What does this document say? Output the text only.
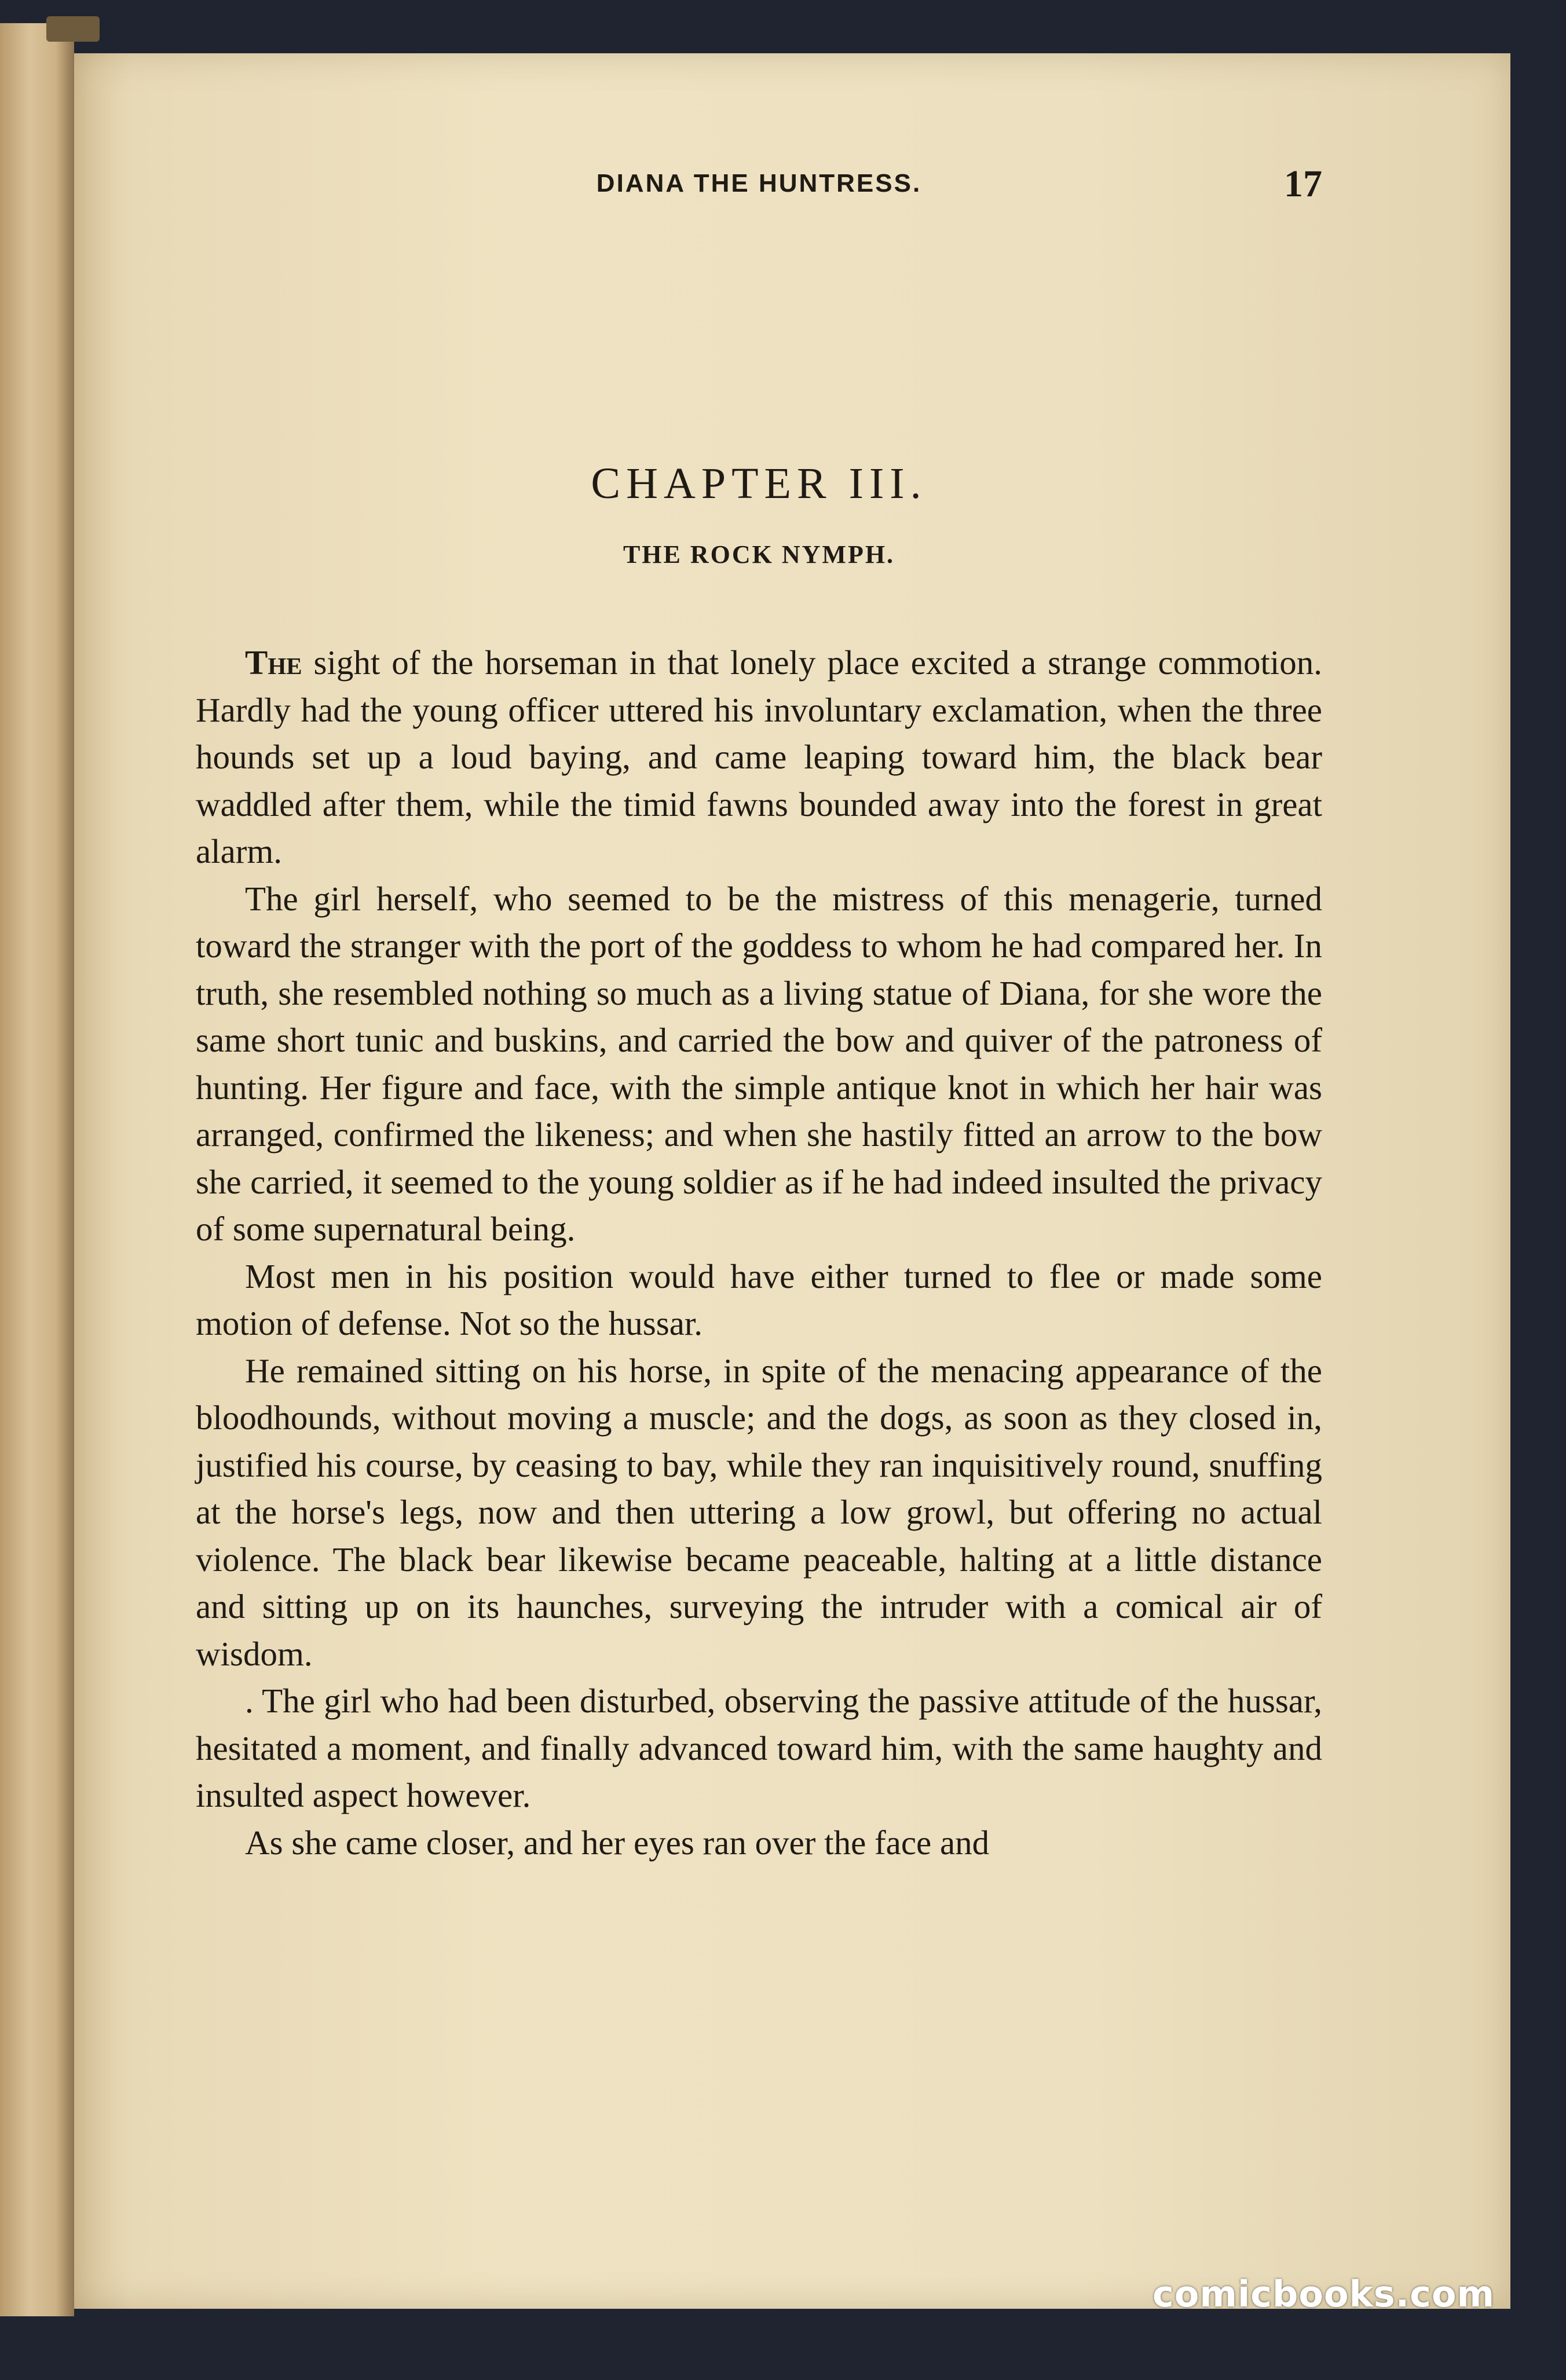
DIANA THE HUNTRESS.	17
CHAPTER III.
THE ROCK NYMPH.

The sight of the horseman in that lonely place excited a strange commotion. Hardly had the young officer uttered his involuntary exclamation, when the three hounds set up a loud baying, and came leaping toward him, the black bear waddled after them, while the timid fawns bounded away into the forest in great alarm.

The girl herself, who seemed to be the mistress of this menagerie, turned toward the stranger with the port of the goddess to whom he had compared her. In truth, she resembled nothing so much as a living statue of Diana, for she wore the same short tunic and buskins, and carried the bow and quiver of the patroness of hunting. Her figure and face, with the simple antique knot in which her hair was arranged, confirmed the likeness; and when she hastily fitted an arrow to the bow she carried, it seemed to the young soldier as if he had indeed insulted the privacy of some supernatural being.

Most men in his position would have either turned to flee or made some motion of defense. Not so the hussar.

He remained sitting on his horse, in spite of the menacing appearance of the bloodhounds, without moving a muscle; and the dogs, as soon as they closed in, justified his course, by ceasing to bay, while they ran inquisitively round, snuffing at the horse's legs, now and then uttering a low growl, but offering no actual violence. The black bear likewise became peaceable, halting at a little distance and sitting up on its haunches, surveying the intruder with a comical air of wisdom.

. The girl who had been disturbed, observing the passive attitude of the hussar, hesitated a moment, and finally advanced toward him, with the same haughty and insulted aspect however.

As she came closer, and her eyes ran over the face and

comicbooks.com
